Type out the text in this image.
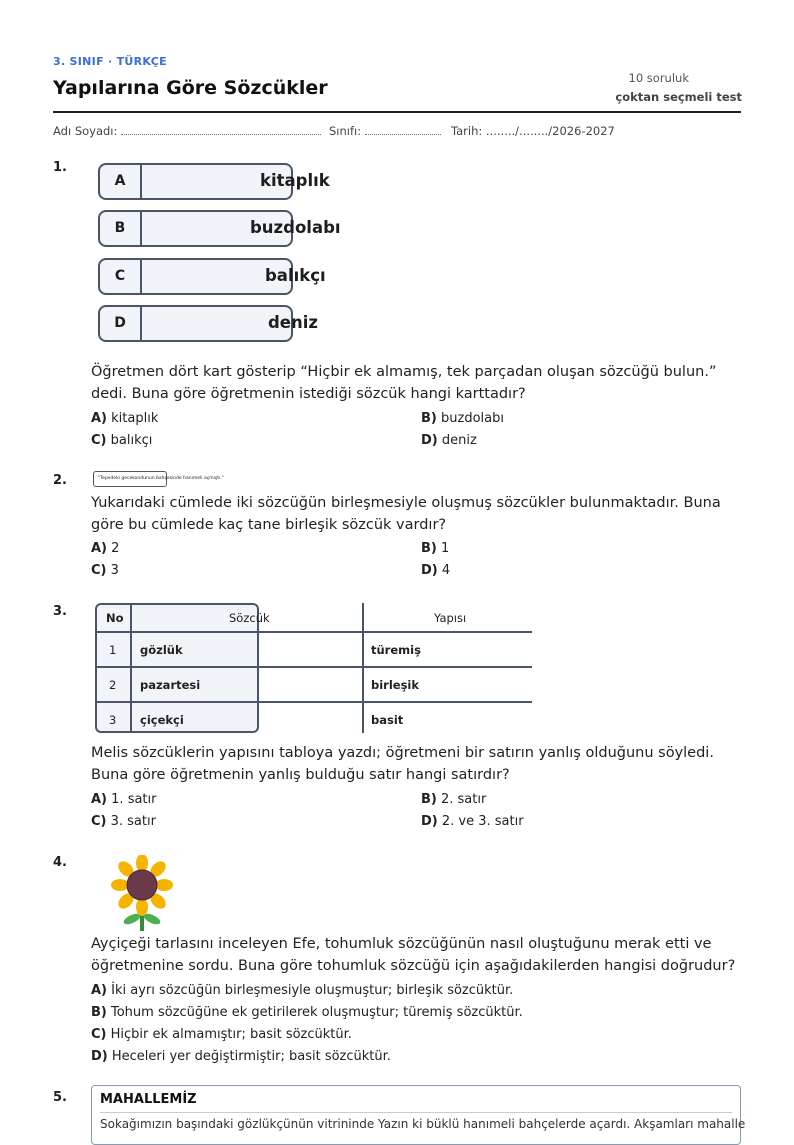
3. SINIF · TÜRKÇE
Yapılarına Göre Sözcükler	10 soruluk
çoktan seçmeli test
Adı Soyadı:	Sınıfı:	Tarih: ......../......../2026-2027
1.
A	kitaplık
B	buzdolabı
C	balıkçı
D	deniz
Öğretmen dört kart gösterip “Hiçbir ek almamış, tek parçadan oluşan sözcüğü bulun.” dedi. Buna göre öğretmenin istediği sözcük hangi karttadır?
A) kitaplık	B) buzdolabı
C) balıkçı	D) deniz
2.	"Tepedeki gecekondunun bahçesinde hanımeli açmıştı."
Yukarıdaki cümlede iki sözcüğün birleşmesiyle oluşmuş sözcükler bulunmaktadır. Buna göre bu cümlede kaç tane birleşik sözcük vardır?
A) 2	B) 1
C) 3	D) 4
3.	No	Sözcük	Yapısı
1 gözlük	türemiş
2 pazartesi	birleşik
3 çiçekçi	basit
Melis sözcüklerin yapısını tabloya yazdı; öğretmeni bir satırın yanlış olduğunu söyledi. Buna göre öğretmenin yanlış bulduğu satır hangi satırdır?
A) 1. satır	B) 2. satır
C) 3. satır	D) 2. ve 3. satır
4.
Ayçiçeği tarlasını inceleyen Efe, tohumluk sözcüğünün nasıl oluştuğunu merak etti ve öğretmenine sordu. Buna göre tohumluk sözcüğü için aşağıdakilerden hangisi doğrudur?
A) İki ayrı sözcüğün birleşmesiyle oluşmuştur; birleşik sözcüktür.
B) Tohum sözcüğüne ek getirilerek oluşmuştur; türemiş sözcüktür.
C) Hiçbir ek almamıştır; basit sözcüktür.
D) Heceleri yer değiştirmiştir; basit sözcüktür.
5.	MAHALLEMİZ
Sokağımızın başındaki gözlükçünün vitrininde Yazın ki büklü hanımeli bahçelerde açardı. Akşamları mahalle
